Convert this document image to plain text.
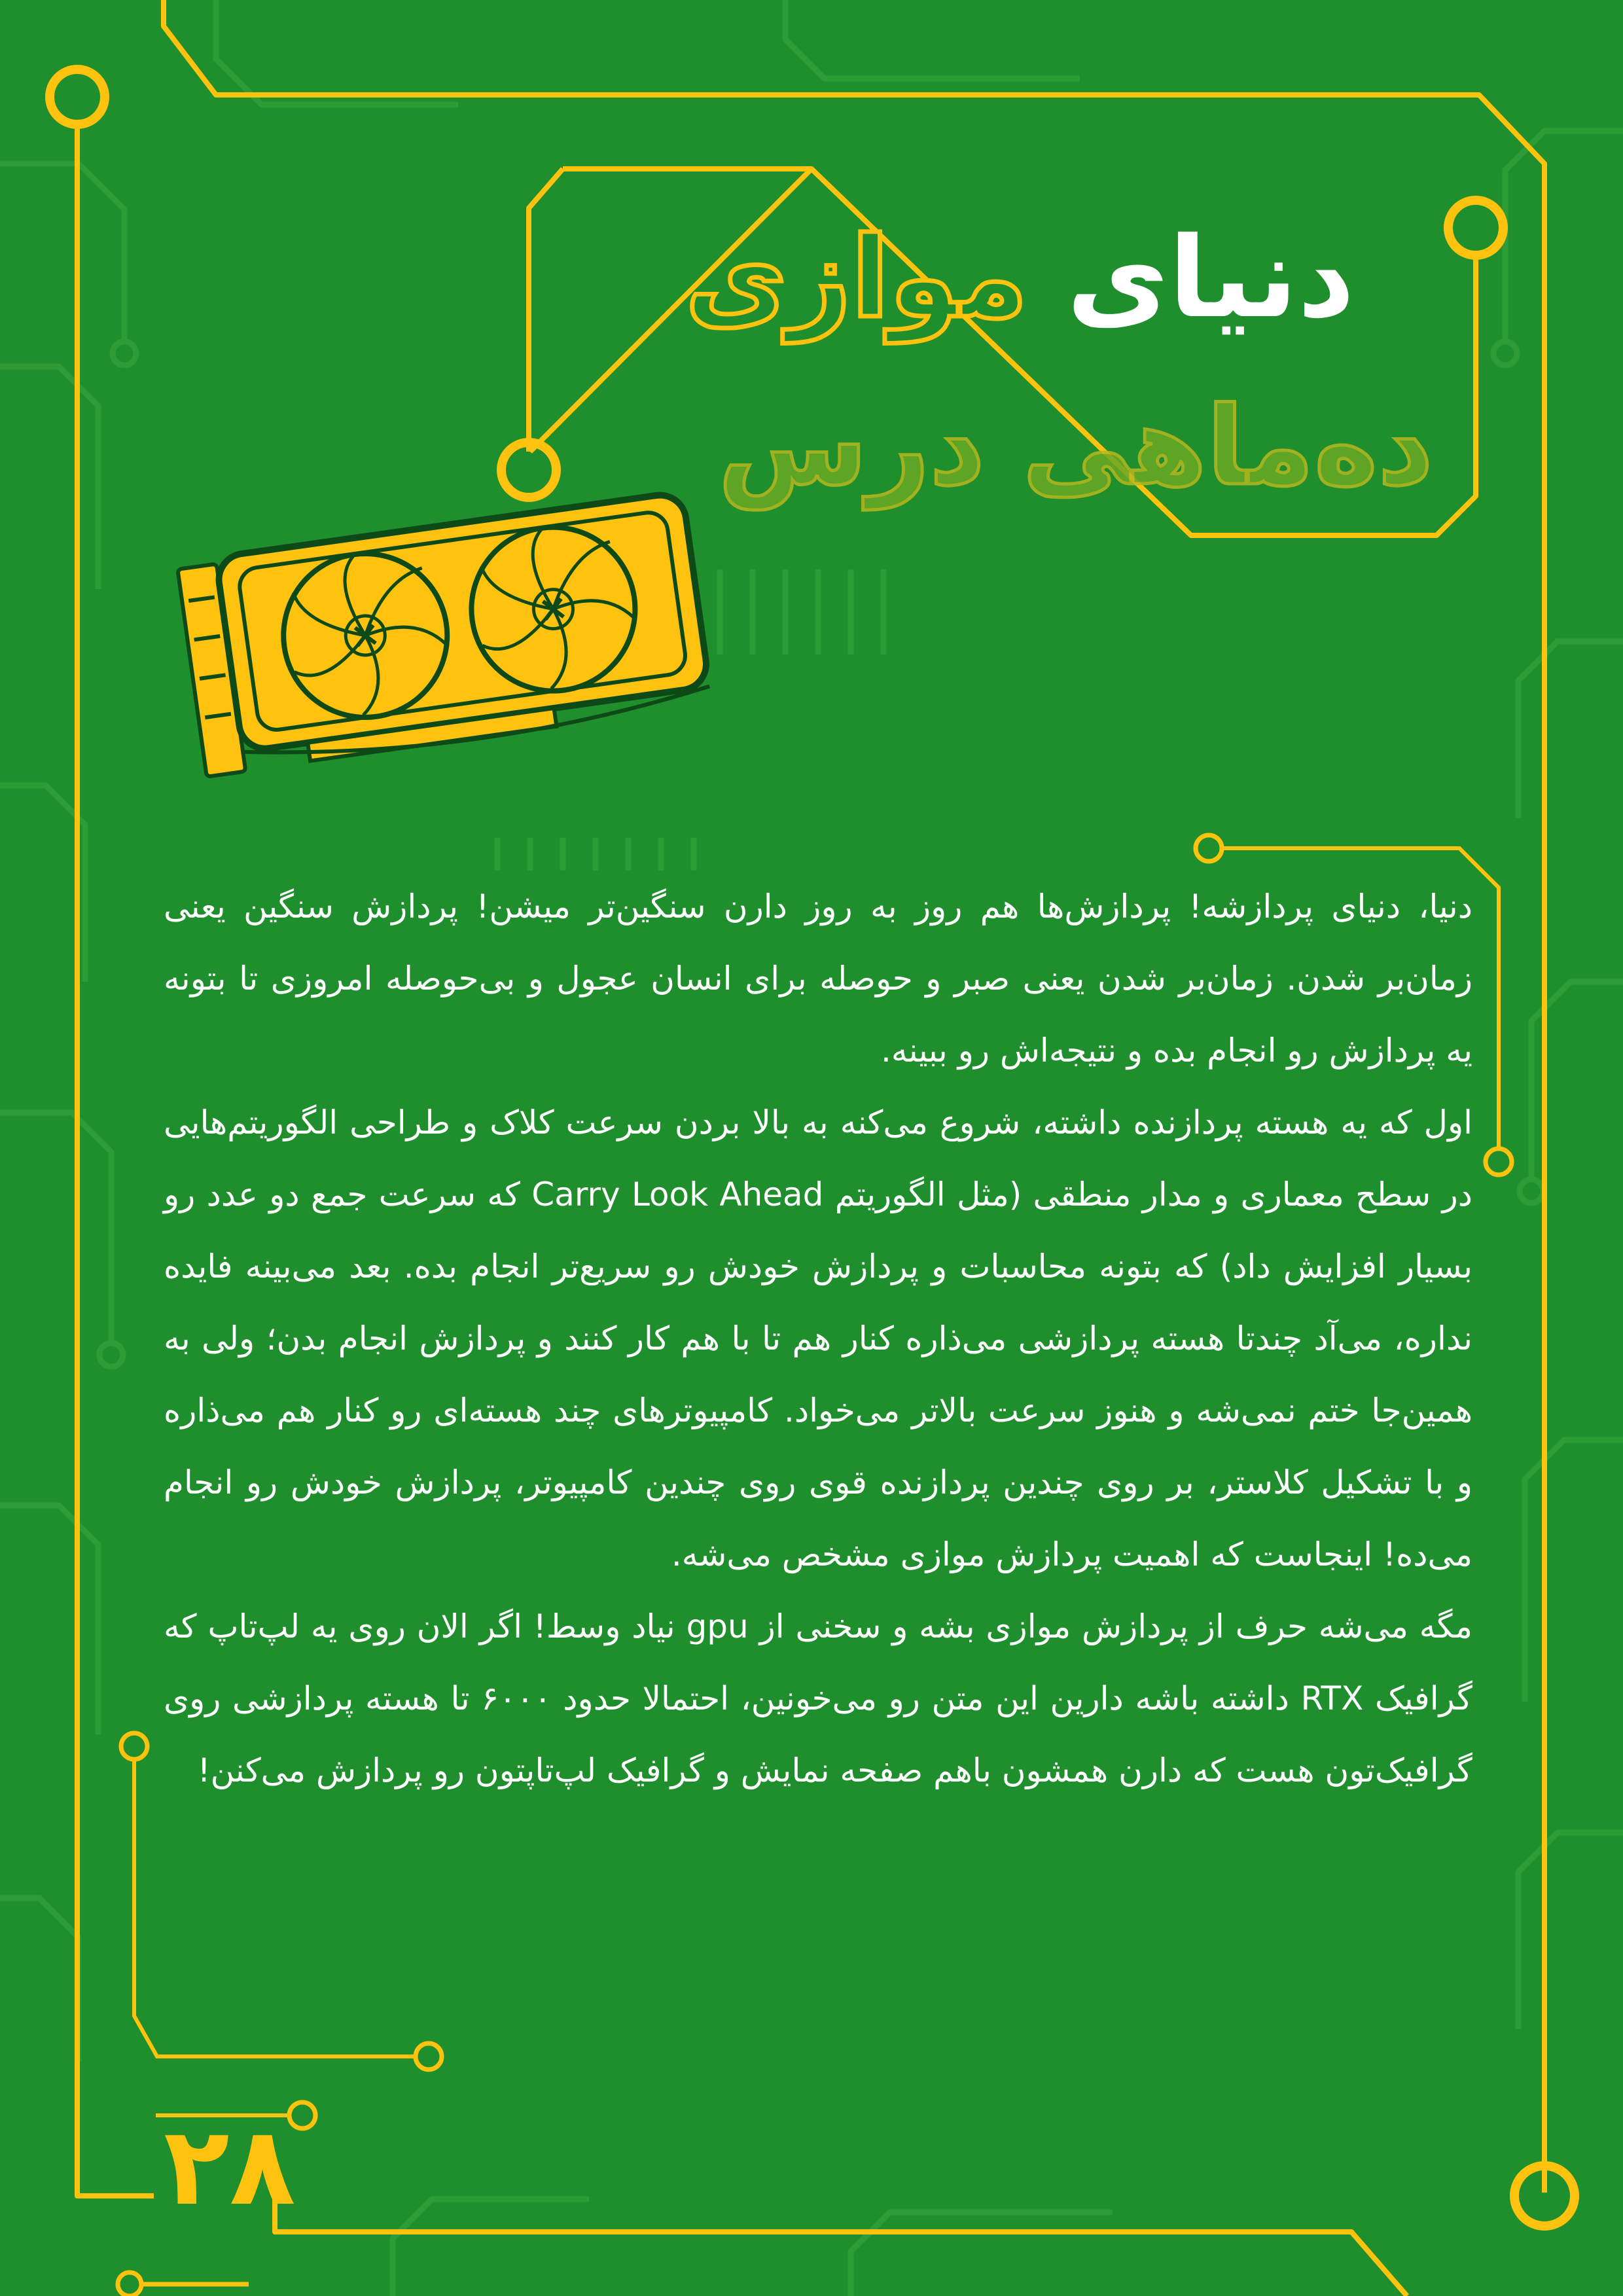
دنیای موازی
ده‌ماهی درس

دنیا، دنیای پردازشه! پردازش‌ها هم روز به روز دارن سنگین‌تر میشن! پردازش سنگین یعنی زمان‌بر شدن. زمان‌بر شدن یعنی صبر و حوصله برای انسان عجول و بی‌حوصله امروزی تا بتونه یه پردازش رو انجام بده و نتیجه‌اش رو ببینه.

اول که یه هسته پردازنده داشته، شروع می‌کنه به بالا بردن سرعت کلاک و طراحی الگوریتم‌هایی در سطح معماری و مدار منطقی (مثل الگوریتم Carry Look Ahead که سرعت جمع دو عدد رو بسیار افزایش داد) که بتونه محاسبات و پردازش خودش رو سریع‌تر انجام بده. بعد می‌بینه فایده نداره، می‌آد چندتا هسته پردازشی می‌ذاره کنار هم تا با هم کار کنند و پردازش انجام بدن؛ ولی به همین‌جا ختم نمی‌شه و هنوز سرعت بالاتر می‌خواد. کامپیوترهای چند هسته‌ای رو کنار هم می‌ذاره و با تشکیل کلاستر، بر روی چندین پردازنده قوی روی چندین کامپیوتر، پردازش خودش رو انجام می‌ده! اینجاست که اهمیت پردازش موازی مشخص می‌شه.

مگه می‌شه حرف از پردازش موازی بشه و سخنی از gpu نیاد وسط! اگر الان روی یه لپ‌تاپ که گرافیک RTX داشته باشه دارین این متن رو می‌خونین، احتمالا حدود ۶۰۰۰ تا هسته پردازشی روی گرافیک‌تون هست که دارن همشون باهم صفحه نمایش و گرافیک لپ‌تاپتون رو پردازش می‌کنن!

۲۸
